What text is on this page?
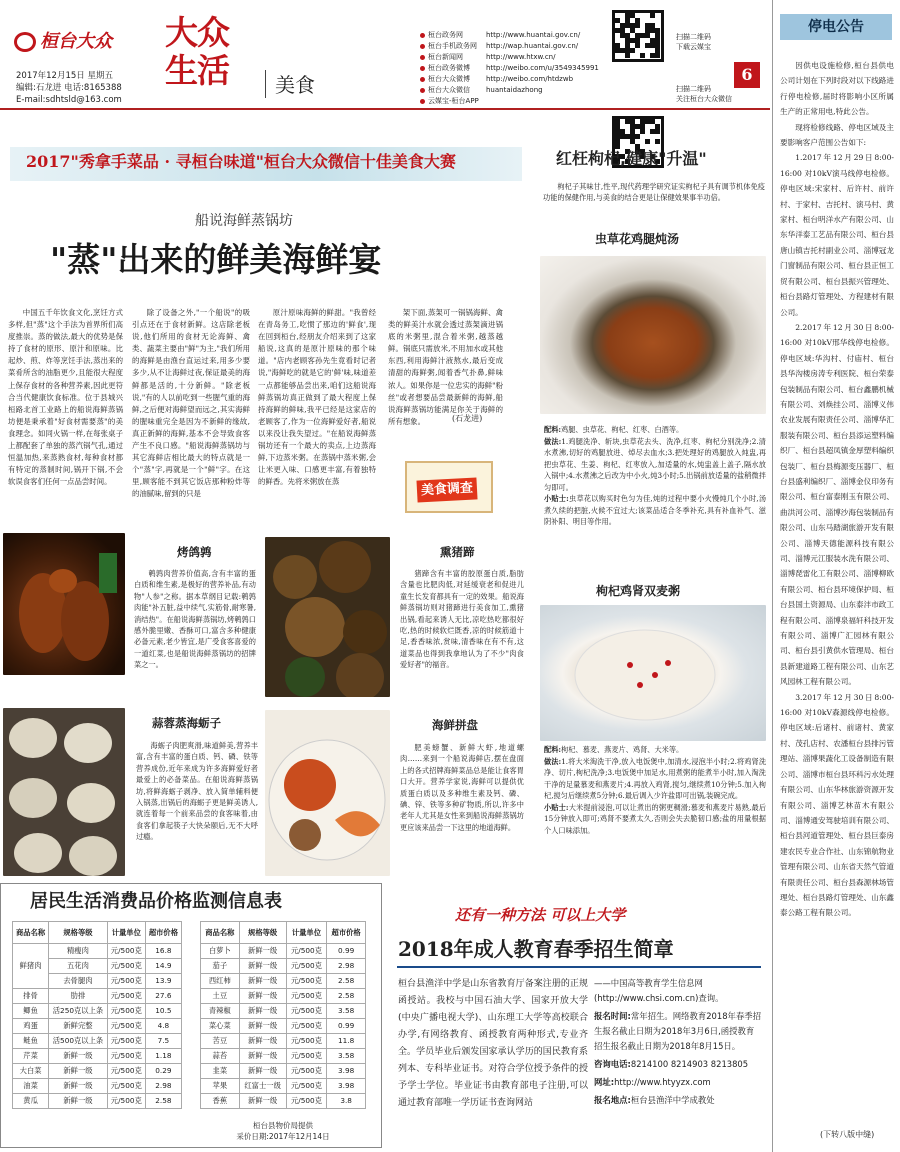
桓台大众
2017年12月15日 星期五
编辑:石龙进 电话:8165388
E-mail:sdhtsld@163.com
大众
生活	美食
桓台政务网	http://www.huantai.gov.cn/
桓台手机政务网 http://wap.huantai.gov.cn/
桓台新闻网	http://www.htxw.cn/
桓台政务微博 http://weibo.com/u/3549345991
桓台大众微博 http://weibo.com/htdzwb
桓台大众微信 huantaidazhong
云媒宝-桓台APP
扫描二维码
下载云媒宝
扫描二维码
关注桓台大众微信
6
2017"秀拿手菜品 · 寻桓台味道"桓台大众微信十佳美食大赛
船说海鲜蒸锅坊
"蒸"出来的鲜美海鲜宴
中国五千年饮食文化,烹饪方式多样,但"蒸"这个手法为首界所们高度推崇。蒸的做法,最大的优势是保持了食材的原形、原汁和原味。比起炒、煎、炸等烹饪手法,蒸出来的菜肴所含的油脂更少,且能很大程度上保存食材的各种营养素,因此更符合当代健康饮食标准。位于县城兴桓路北首工业路上的船说海鲜蒸锅坊便是秉承着"好食材需要蒸"的美食理念。如同火锅一样,在每张桌子上都配套了单独的蒸汽锅气孔,通过恒温加热,来蒸熟食材,每种食材都有特定的蒸制时间,锅开下锅,不会软误食客们任何一点品尝时间。
除了设备之外,"一个船说"的吸引点还在于食材新鲜。这店除老板说,他们所用的食材无论海鲜、禽类、蔬菜主要由"鲜"为主,"我们所用的海鲜是由渔台直运过来,用多少要多少,从不让海鲜过夜,保证最美的海鲜都是活的,十分新鲜。"除老板说,"有的人以前吃到一些腥气重的海鲜,之后便对海鲜望而远之,其实海鲜的腥味重完全是因为不新鲜的缘故,真正新鲜的海鲜,基本不会导致食客产生不良口感。"船说海鲜蒸锅坊与其它海鲜店相比最大的特点就是一个"蒸"字,再就是一个"鲜"字。在这里,顾客能不到其它饭店那种粉炸等的油腻味,留到的只是
原汁原味海鲜的鲜甜。"我曾经在青岛务工,吃惯了那边的'鲜食',现在回到桓台,经朋友介绍来到了这家船说,这真的是原汁原味的那个味道。"店内老顾客孙先生竟看时记者说,"海鲜吃的就是它的'鲜'味,味道差一点都能够品尝出来,咱们这船说海鲜蒸锅坊真正做到了最大程度上保持海鲜的鲜味,我平已经是这家店的老顾客了,作为一位海鲜爱好者,船说以来没让我失望过。"在船说海鲜蒸锅坊还有一个最大的卖点,上边蒸海鲜,下边蒸米粥。在蒸锅中蒸米粥,会让米更入味、口感更丰富,有着独特的鲜香。先将米粥放在蒸
架下面,蒸架可一锅锅海鲜、禽类的鲜美汁水就会透过蒸架滴进锅底的米粥里,混合着米粥,越蒸越鲜。锅底只需放米,不用加水或其他东西,利用海鲜汁液熬水,最后变成清甜的海鲜粥,闻着香气扑鼻,鲜味浓人。如果你是一位忠实的海鲜"粉丝"或者想要品尝最新鲜的海鲜,船说海鲜蒸锅坊能满足你关于海鲜的所有想象。	(石龙进)
美食调查
烤鸽鹑
鹌鹑肉营养价值高,含有丰富的蛋白质和维生素,是极好的营养补品,有动物"人参"之称。据本草纲目记载:鹌鹑肉能"补五脏,益中续气,实筋骨,耐寒暑,消结热"。在船说海鲜蒸锅坊,烤鹌鹑口感外脆里嫩、香酥可口,富含多种健康必备元素,老少皆宜,是广受食客喜爱的一道红菜,也是船说海鲜蒸锅坊的招牌菜之一。
熏猪蹄
猪蹄含有丰富的胶原蛋白质,脂肪含量也比肥肉低,对延缓衰老和促进儿童生长发育都具有一定的效果。船说海鲜蒸锅坊则对猪蹄进行美食加工,熏猪出锅,看起来诱人无比,凉吃热吃都很好吃,热的时候软烂既香,凉的时候筋道十足,香香味浓,赏味,清香味在有不有,这道菜品也得到我拿地认为了不少"肉食爱好者"的福音。
蒜蓉蒸海蛎子
海蛎子肉肥爽滑,味道鲜美,营养丰富,含有丰富的蛋白质、钙、磷、铁等营养成份,近年来成为许多海鲜爱好者最爱上的必备菜品。在船说海鲜蒸锅坊,将鲜海蛎子剥净、放入简单辅料便入锅蒸,出锅后的海蛎子更是鲜美诱人,就连着每一个前来品尝的食客味着,由食客们拿起筷子大快朵颐后,无不大呼过瘾。
海鲜拼盘
肥美螃蟹、新鲜大虾,地道螺肉……来到一个船说海鲜店,摆在盘面上的各式招牌海鲜菜品总是能让食客胃口大开。营养学家说,海鲜可以提供优质蛋白质以及多种维生素及钙、磷、碘、锌、铁等多种矿物质,所以,许多中老年人尤其是女性来到船说海鲜蒸锅坊更应该来品尝一下这里的地道海鲜。
红枉枸杞,健康"升温"
枸杞子其味甘,性平,现代药理学研究证实枸杞子具有调节机体免疫功能的保健作用,与美食的结合更是让保健效果事半功倍。
虫草花鸡腿炖汤

配料:鸡腿、虫草花、枸杞、红枣、白酒等。

做法:1.鸡腿洗净、斩块,虫草花去头、洗净,红枣、枸杞分别洗净;2.清水煮沸,切好的鸡腿放进、焯尽去血水;3.把处理好的鸡腿放入炖盅,再把虫草花、生姜、枸杞、红枣放入,加适量的水,炖盅盖上盖子,隔水放入锅中;4.水煮沸之后改为中小火,炖3小时;5.出锅前放适量的盐稍微拌匀即可。

小贴士:虫草花以购买时色匀为佳,炖的过程中要小火慢炖几个小时,汤煮久续的把脏,火候不宜过大;该菜品适合冬季补充,具有补血补气、滋阴补阳、明目等作用。

枸杞鸡肾双麦粥

配料:枸杞、慕麦、燕麦片、鸡肾、大米等。

做法:1.将大米淘洗干净,放入电饭煲中,加清水,浸泡半小时;2.将鸡肾洗净、切片,枸杞洗净;3.电饭煲中加足水,用煮粥的能煮半小时,加入淘洗干净的足量慕麦和燕麦片;4.再放入鸡肾,搅匀,继续煮10分钟;5.加入枸杞,搅匀后继续煮5分钟;6.最后调入少许盐即可出锅,装碗完成。

小贴士:大米提前浸泡,可以让煮出的粥更稠滑;慕麦和燕麦片易熟,最后15分钟放入即可;鸡肾不要煮太久,否则会失去脆韧口感;盐的用量根据个人口味添加。

停电公告

因供电设施检修,桓台县供电公司计划在下列时段对以下线路进行停电检修,届时将影响小区所属生产的正常用电,特此公告。

现将检修线路、停电区域及主要影响客户范围公告如下:

1.2017年12月29日8:00-16:00 对10kV演马线停电检修。停电区域:宋家村、后许村、前许村、于家村、吉托村、演马村、黄家村、桓台明洋水产有限公司、山东华洋泰工艺品有限公司、桓台县唐山镇吉托村副业公司、淄博冠龙门窗制品有限公司、桓台县正恒工贸有限公司、桓台县振兴管理处、桓台县路灯管理处、方程建材有限公司。

2.2017年12月30日8:00-16:00 对10kV邢华线停电检修。停电区域:华沟村、付庙村、桓台县华沟楼房涛专利医院、桓台荣泰包装制品有限公司、桓台鑫鹏机械有限公司、刘焕挂公司、淄博义伟农业发展有限责任公司、淄博华汇服装有限公司、桓台县添运塑料编织厂、桓台县超凤镇金厚塑料编织包装厂、桓台县梅源变压器厂、桓台县盛利编织厂、淄博金仪印务有限公司、桓台富泰刚玉有限公司、曲洪河公司、淄博沙海包装制品有限公司、山东马踏湖旅游开发有限公司、淄博天德能源科技有限公司、淄博元江服装水洗有限公司、淄博琵雷化工有限公司、淄博柳欧有限公司、桓台县环境保护局、桓台县国土资源局、山东泰沣市政工程有限公司、淄博泉福轩科技开发有限公司、淄博广汇园林有限公司、桓台县引黄供水管理局、桓台县新建道路工程有限公司、山东艺风园林工程有限公司。

3.2017年12月30日8:00-16:00 对10kV森源线停电检修。停电区域:后诸村、前诸村、黄家村、茂孔店村、农潘桓台县排污管理站、淄博果蔬化工设备制造有限公司、淄博市桓台县环科污水处理有限公司、山东华林旅游资源开发有限公司、淄博艺林苗木有限公司、淄博通安驾驶培训有限公司、桓台县河道管理处、桓台县巨泰房建农民专业合作社、山东锦航物业管理有限公司、山东省天然气管道有限责任公司、桓台县森源林场管理处、桓台县路灯管理处、山东鑫泰公路工程有限公司。

(下转八版中缝)
居民生活消费品价格监测信息表
商品名称	规格等级	计量单位	超市价格
鲜猪肉	精瘦肉	元/500克	16.8
	五花肉	元/500克	14.9
	去骨腿肉	元/500克	13.9
排骨	肋排	元/500克	27.6
鲫鱼	活250克以上条	元/500克	10.5
鸡蛋	新鲜完整	元/500克	4.8
鲢鱼	活500克以上条	元/500克	7.5
芹菜	新鲜一级	元/500克	1.18
大白菜	新鲜一级	元/500克	0.29
油菜	新鲜一级	元/500克	2.98
黄瓜	新鲜一级	元/500克	2.58
商品名称	规格等级	计量单位	超市价格
白萝卜	新鲜一级	元/500克	0.99
茄子	新鲜一级	元/500克	2.98
西红柿	新鲜一级	元/500克	2.58
土豆	新鲜一级	元/500克	2.58
青辣椒	新鲜一级	元/500克	3.58
菜心菜	新鲜一级	元/500克	0.99
苦豆	新鲜一级	元/500克	11.8
蒜苔	新鲜一级	元/500克	3.58
韭菜	新鲜一级	元/500克	3.98
苹果	红富士一级	元/500克	3.98
香蕉	新鲜一级	元/500克	3.8
桓台县物价局提供
采价日期:2017年12月14日
还有一种方法 可以上大学
2018年成人教育春季招生简章
桓台县渔洋中学是山东省教育厅备案注册的正规函授站。我校与中国石油大学、国家开放大学(中央广播电视大学)、山东理工大学等高校联合办学,有网络教育、函授教育两种形式,专业齐全。学员毕业后颁发国家承认学历的国民教育系列本、专科毕业证书。对符合学位授予条件的授予学士学位。毕业证书由教育部电子注册,可以通过教育部唯一学历证书查询网站
——中国高等教育学生信息网(http://www.chsi.com.cn)查询。
报名时间:常年招生。网络教育2018年春季招生报名截止日期为2018年3月6日,函授教育招生报名截止日期为2018年8月15日。
咨询电话:8214100 8214903 8213805
网址:http://www.htyyzx.com
报名地点:桓台县渔洋中学成教处
